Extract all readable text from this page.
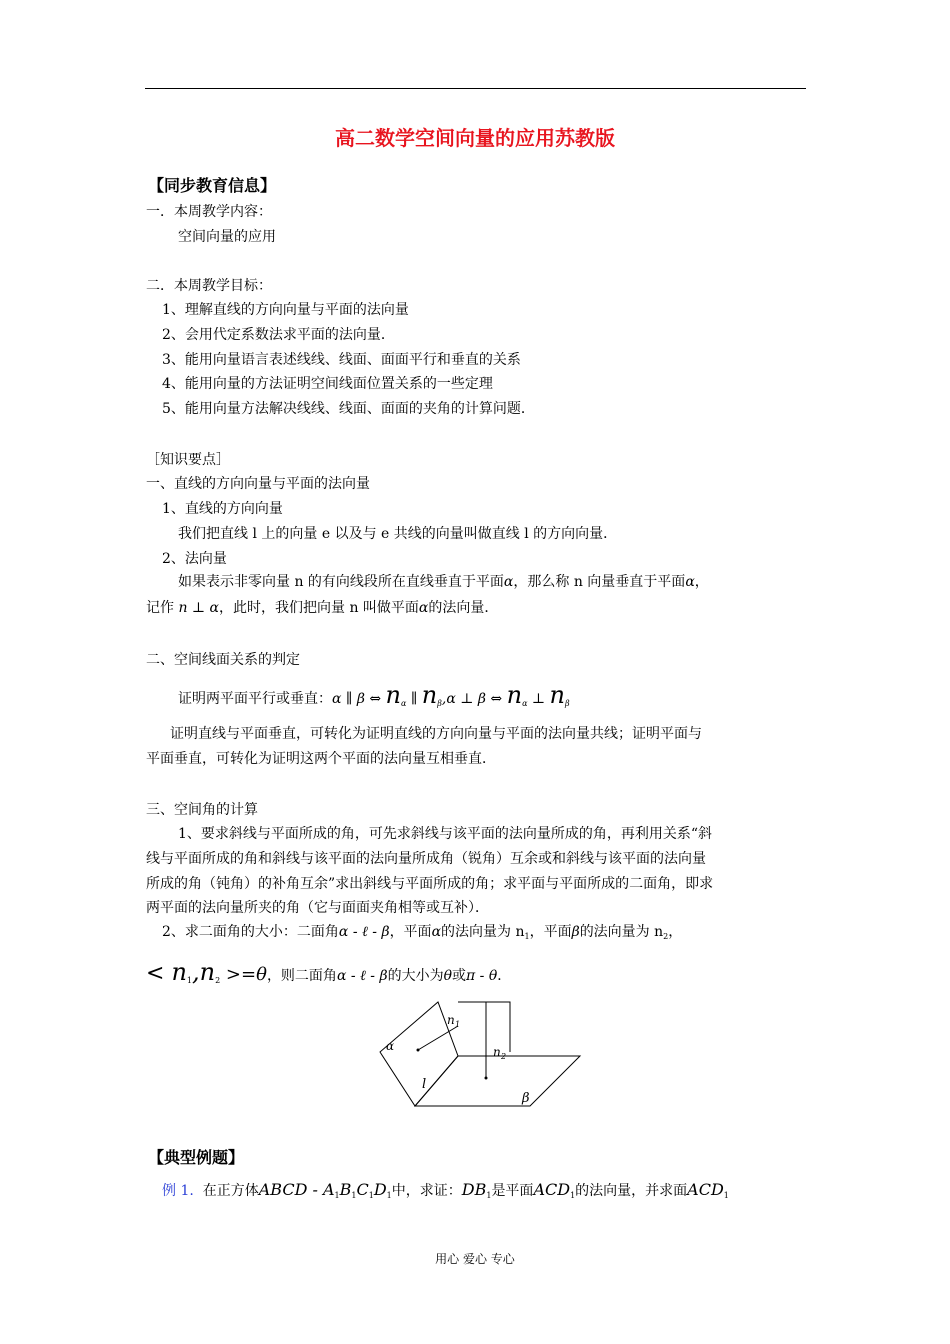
高二数学空间向量的应用苏教版
【同步教育信息】
一．本周教学内容：
空间向量的应用
二．本周教学目标：
1、理解直线的方向向量与平面的法向量
2、会用代定系数法求平面的法向量．
3、能用向量语言表述线线、线面、面面平行和垂直的关系
4、能用向量的方法证明空间线面位置关系的一些定理
5、能用向量方法解决线线、线面、面面的夹角的计算问题．
［知识要点］
一、直线的方向向量与平面的法向量
1、直线的方向向量
我们把直线 l 上的向量 e 以及与 e 共线的向量叫做直线 l 的方向向量．
2、法向量
如果表示非零向量 n 的有向线段所在直线垂直于平面α，那么称 n 向量垂直于平面α，
记作 n ⊥ α，此时，我们把向量 n 叫做平面α的法向量．
二、空间线面关系的判定
证明两平面平行或垂直：α ∥ β ⇔ $n_\alpha$ ∥ $n_\beta,\alpha$ ⊥ β ⇔ $n_\alpha$ ⊥ $n_\beta$
证明直线与平面垂直，可转化为证明直线的方向向量与平面的法向量共线；证明平面与
平面垂直，可转化为证明这两个平面的法向量互相垂直．
三、空间角的计算
1、要求斜线与平面所成的角，可先求斜线与该平面的法向量所成的角，再利用关系“斜
线与平面所成的角和斜线与该平面的法向量所成角（锐角）互余或和斜线与该平面的法向量
所成的角（钝角）的补角互余”求出斜线与平面所成的角；求平面与平面所成的二面角，即求
两平面的法向量所夹的角（它与面面夹角相等或互补）．
2、求二面角的大小：二面角α - ℓ - β，平面α的法向量为 $n_1$，平面β的法向量为 $n_2$，
< $n_1,n_2 >=\theta$，则二面角α - ℓ - β的大小为θ或π - θ．
α
n 1
n 2
l
β
【典型例题】
例 1. 在正方体ABCD - $A_1B_1C_1D_1$中，求证：$DB_1$是平面$ACD_1$的法向量，并求面$ACD_1$
用心 爱心 专心
